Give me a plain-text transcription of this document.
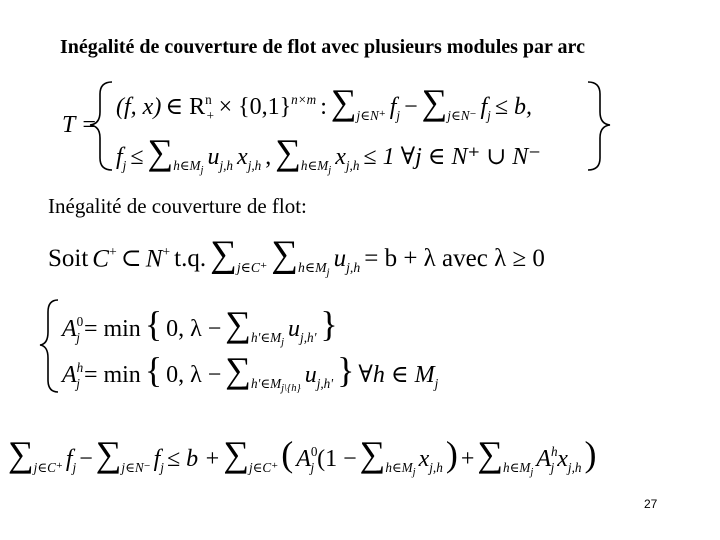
Inégalité de couverture de flot avec plusieurs modules par arc
T =
(f, x) ∈ $R^n_+ \times \{0,1\}^{n\times m}$ : $\sum_{j\in N^+}$ $f_j - \sum_{j\in N^-}$ $f_j \le b$,
$f_j \le \sum_{h\in M_j}$
$u_{j,h}$ $x_{j,h}$ , $\sum_{h\in M_j}$
$x_{j,h} \le 1$ ∀j ∈ N⁺ ∪ N⁻
Inégalité de couverture de flot:
Soit C+ ⊂ N+ t.q. $\sum_{j\in C^+}$ $\sum_{h\in M_j}$
$u_{j,h} = b + \lambda$ avec λ ≥ 0
$A^0_j = \min$ { 0, $\lambda - \sum_{h'\in M_j}$
$u_{j,h'}$ }
$A^h_j = \min$ { 0, $\lambda - \sum_{h'\in M_{j\backslash\{h\}}}$
$u_{j,h'}$ } ∀h ∈ $M_j$
$\sum_{j\in C^+}$ $f_j - \sum_{j\in N^-}$ $f_j \le b + \sum_{j\in C^+}$ ( $A^0_j$ ($1 - \sum_{h\in M_j}$
$x_{j,h}$ ) + $\sum_{h\in M_j}$
$A^h_j$ $x_{j,h}$ )
27
